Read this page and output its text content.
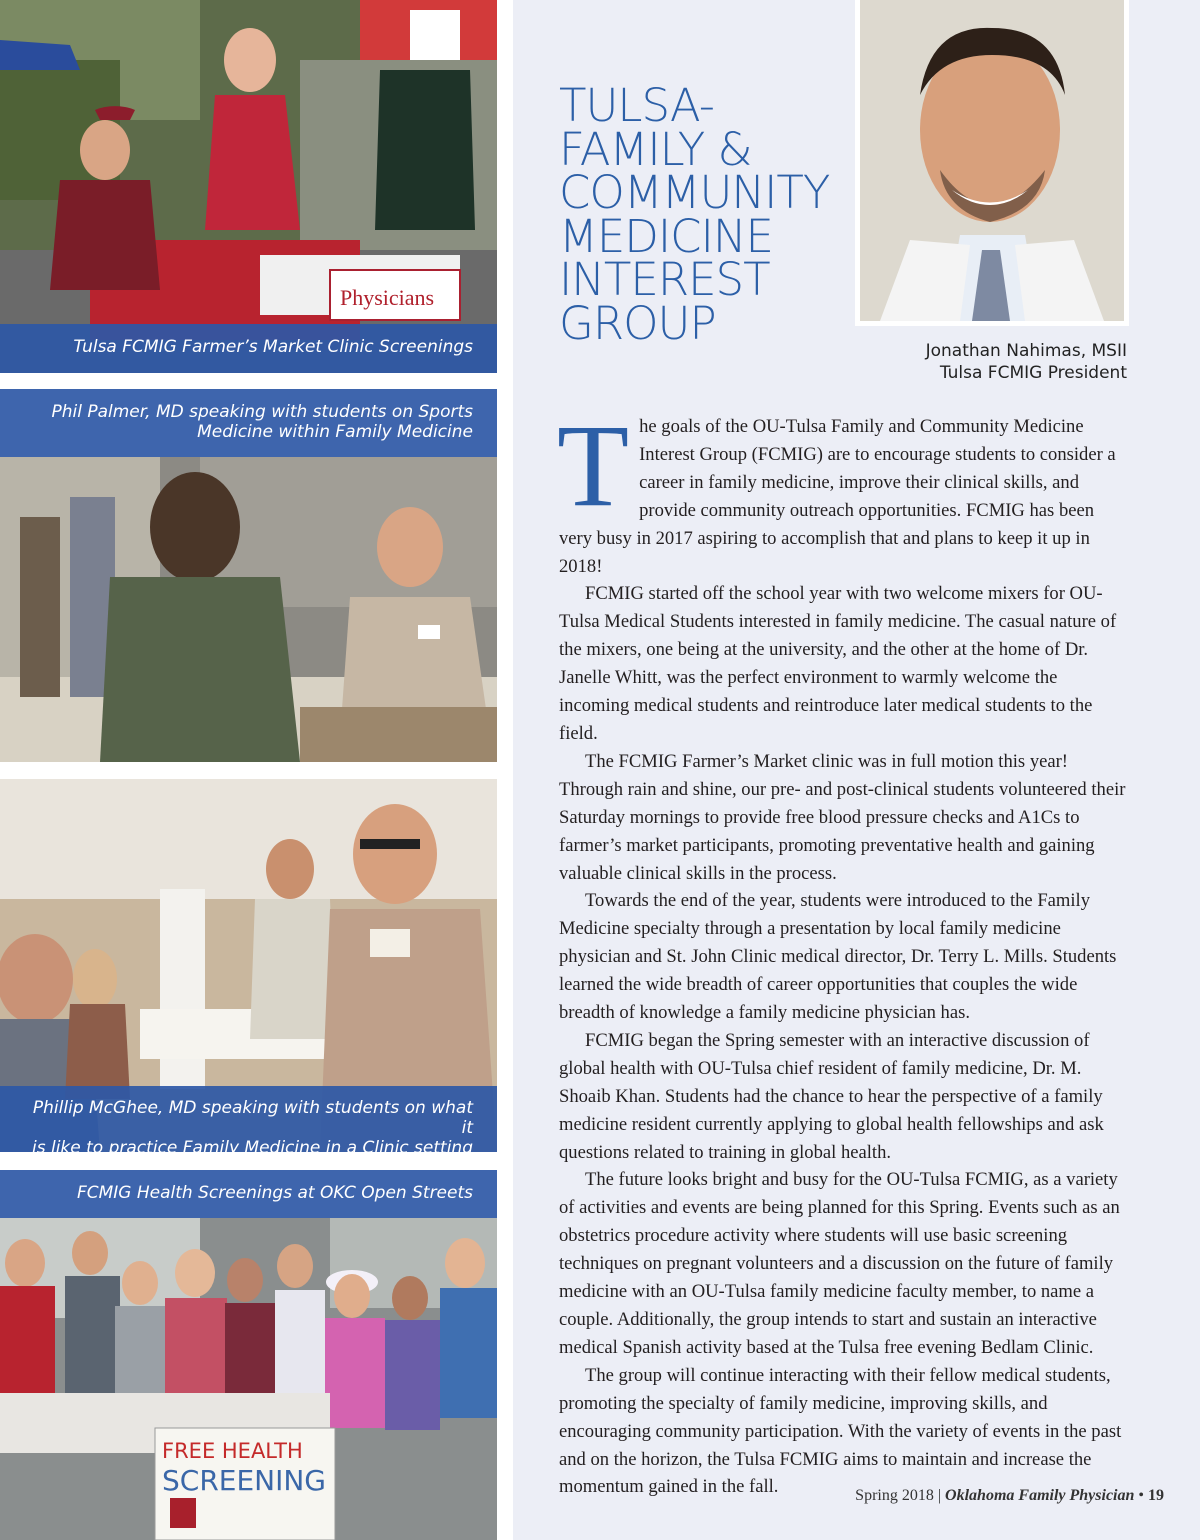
Physicians
Tulsa FCMIG Farmer’s Market Clinic Screenings
Phil Palmer, MD speaking with students on Sports
Medicine within Family Medicine
Phillip McGhee, MD speaking with students on what it
is like to practice Family Medicine in a Clinic setting
FCMIG Health Screenings at OKC Open Streets
FREE HEALTH
SCREENING
TULSA-
FAMILY &
COMMUNITY
MEDICINE
INTEREST
GROUP
Jonathan Nahimas, MSII
Tulsa FCMIG President

The goals of the OU-Tulsa Family and Community Medicine Interest Group (FCMIG) are to encourage students to consider a career in family medicine, improve their clinical skills, and provide community outreach opportunities. FCMIG has been very busy in 2017 aspiring to accomplish that and plans to keep it up in 2018!

FCMIG started off the school year with two welcome mixers for OU-Tulsa Medical Students interested in family medicine. The casual nature of the mixers, one being at the university, and the other at the home of Dr. Janelle Whitt, was the perfect environment to warmly welcome the incoming medical students and reintroduce later medical students to the field.

The FCMIG Farmer’s Market clinic was in full motion this year! Through rain and shine, our pre- and post-clinical students volunteered their Saturday mornings to provide free blood pressure checks and A1Cs to farmer’s market participants, promoting preventative health and gaining valuable clinical skills in the process.

Towards the end of the year, students were introduced to the Family Medicine specialty through a presentation by local family medicine physician and St. John Clinic medical director, Dr. Terry L. Mills. Students learned the wide breadth of career opportunities that couples the wide breadth of knowledge a family medicine physician has.

FCMIG began the Spring semester with an interactive discussion of global health with OU-Tulsa chief resident of family medicine, Dr. M. Shoaib Khan. Students had the chance to hear the perspective of a family medicine resident currently applying to global health fellowships and ask questions related to training in global health.

The future looks bright and busy for the OU-Tulsa FCMIG, as a variety of activities and events are being planned for this Spring. Events such as an obstetrics procedure activity where students will use basic screening techniques on pregnant volunteers and a discussion on the future of family medicine with an OU-Tulsa family medicine faculty member, to name a couple. Additionally, the group intends to start and sustain an interactive medical Spanish activity based at the Tulsa free evening Bedlam Clinic.

The group will continue interacting with their fellow medical students, promoting the specialty of family medicine, improving skills, and encouraging community participation. With the variety of events in the past and on the horizon, the Tulsa FCMIG aims to maintain and increase the momentum gained in the fall.	Spring 2018 | Oklahoma Family Physician • 19
